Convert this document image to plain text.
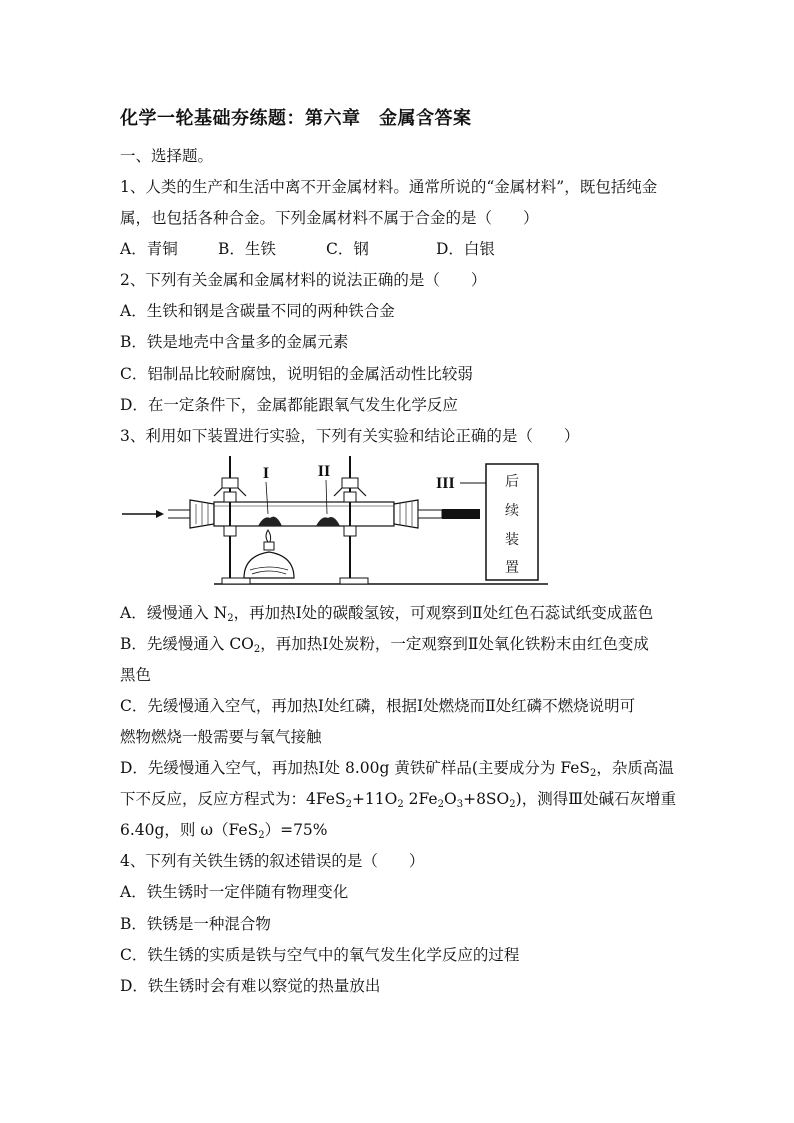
化学一轮基础夯练题：第六章　金属含答案
一、选择题。
1、人类的生产和生活中离不开金属材料。通常所说的“金属材料”，既包括纯金
属，也包括各种合金。下列金属材料不属于合金的是（　　）
A．青铜	B．生铁	C．钢	D．白银
2、下列有关金属和金属材料的说法正确的是（　　）
A．生铁和钢是含碳量不同的两种铁合金
B．铁是地壳中含量多的金属元素
C．铝制品比较耐腐蚀，说明铝的金属活动性比较弱
D．在一定条件下，金属都能跟氧气发生化学反应
3、利用如下装置进行实验，下列有关实验和结论正确的是（　　）
III	后
续
装
置
I	II
A．缓慢通入 $N_2$，再加热Ⅰ处的碳酸氢铵，可观察到Ⅱ处红色石蕊试纸变成蓝色
B．先缓慢通入 $CO_2$，再加热Ⅰ处炭粉，一定观察到Ⅱ处氧化铁粉末由红色变成
黑色
C．先缓慢通入空气，再加热Ⅰ处红磷，根据Ⅰ处燃烧而Ⅱ处红磷不燃烧说明可
燃物燃烧一般需要与氧气接触
D．先缓慢通入空气，再加热Ⅰ处 8.00g 黄铁矿样品(主要成分为 FeS$_2$，杂质高温
下不反应，反应方程式为：$4FeS_2+11O_2$ $2Fe_2O_3+8SO_2$)，测得Ⅲ处碱石灰增重
6.40g，则 ω（FeS$_2$）=75%
4、下列有关铁生锈的叙述错误的是（　　）
A．铁生锈时一定伴随有物理变化
B．铁锈是一种混合物
C．铁生锈的实质是铁与空气中的氧气发生化学反应的过程
D．铁生锈时会有难以察觉的热量放出
